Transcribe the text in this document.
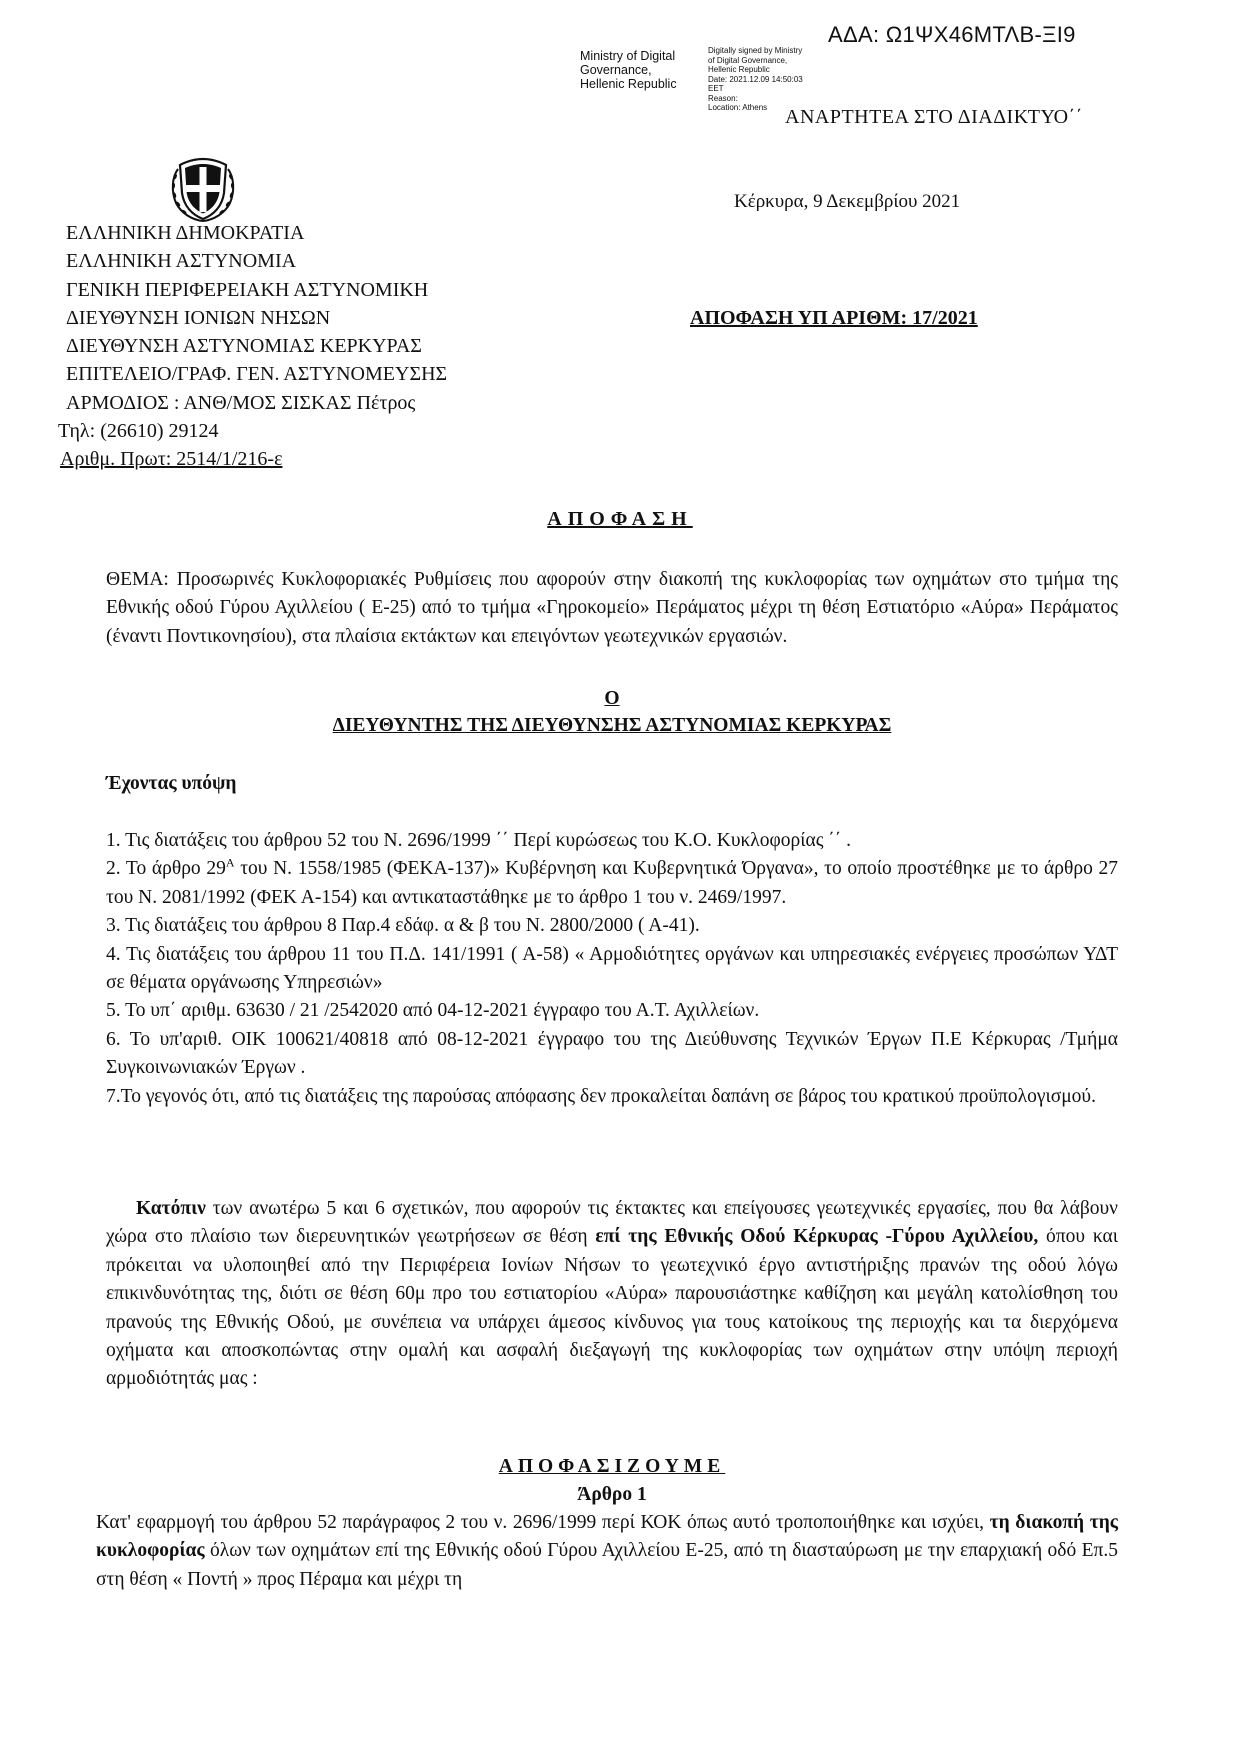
ΑΔΑ: Ω1ΨΧ46ΜΤΛΒ-ΞΙ9
Ministry of Digital
Governance,
Hellenic Republic
Digitally signed by Ministry
of Digital Governance,
Hellenic Republic
Date: 2021.12.09 14:50:03
EET
Reason:
Location: Athens ΑΝΑΡΤΗΤΕΑ ΣΤΟ ΔΙΑΔΙΚΤΥΟ΄΄
Κέρκυρα, 9 Δεκεμβρίου 2021
ΕΛΛΗΝΙΚΗ ΔΗΜΟΚΡΑΤΙΑ
ΕΛΛΗΝΙΚΗ ΑΣΤΥΝΟΜΙΑ
ΓΕΝΙΚΗ ΠΕΡΙΦΕΡΕΙΑΚΗ ΑΣΤΥΝΟΜΙΚΗ
ΔΙΕΥΘΥΝΣΗ ΙΟΝΙΩΝ ΝΗΣΩΝ
ΔΙΕΥΘΥΝΣΗ ΑΣΤΥΝΟΜΙΑΣ ΚΕΡΚΥΡΑΣ
ΕΠΙΤΕΛΕΙΟ/ΓΡΑΦ. ΓΕΝ. ΑΣΤΥΝΟΜΕΥΣΗΣ
ΑΡΜΟΔΙΟΣ : ΑΝΘ/ΜΟΣ ΣΙΣΚΑΣ Πέτρος
Τηλ: (26610) 29124
Αριθμ. Πρωτ: 2514/1/216-ε
ΑΠΟΦΑΣΗ ΥΠ ΑΡΙΘΜ: 17/2021
ΑΠΟΦΑΣΗ
ΘΕΜΑ: Προσωρινές Κυκλοφοριακές Ρυθμίσεις που αφορούν στην διακοπή της κυκλοφορίας των οχημάτων στο τμήμα της Εθνικής οδού Γύρου Αχιλλείου ( Ε-25) από το τμήμα «Γηροκομείο» Περάματος μέχρι τη θέση Εστιατόριο «Αύρα» Περάματος (έναντι Ποντικονησίου), στα πλαίσια εκτάκτων και επειγόντων γεωτεχνικών εργασιών.
Ο
ΔΙΕΥΘΥΝΤΗΣ ΤΗΣ ΔΙΕΥΘΥΝΣΗΣ ΑΣΤΥΝΟΜΙΑΣ ΚΕΡΚΥΡΑΣ
Έχοντας υπόψη

1. Τις διατάξεις του άρθρου 52 του Ν. 2696/1999 ΄΄ Περί κυρώσεως του Κ.Ο. Κυκλοφορίας ΄΄ .

2. Το άρθρο $29^A$ του Ν. 1558/1985 (ΦΕΚΑ-137)» Κυβέρνηση και Κυβερνητικά Όργανα», το οποίο προστέθηκε με το άρθρο 27 του Ν. 2081/1992 (ΦΕΚ Α-154) και αντικαταστάθηκε με το άρθρο 1 του ν. 2469/1997.

3. Τις διατάξεις του άρθρου 8 Παρ.4 εδάφ. α & β του Ν. 2800/2000 ( Α-41).

4. Τις διατάξεις του άρθρου 11 του Π.Δ. 141/1991 ( Α-58) « Αρμοδιότητες οργάνων και υπηρεσιακές ενέργειες προσώπων ΥΔΤ σε θέματα οργάνωσης Υπηρεσιών»

5. Το υπ΄ αριθμ. 63630 / 21 /2542020 από 04-12-2021 έγγραφο του Α.Τ. Αχιλλείων.

6. Το υπ'αριθ. ΟΙΚ 100621/40818 από 08-12-2021 έγγραφο του της Διεύθυνσης Τεχνικών Έργων Π.Ε Κέρκυρας /Τμήμα Συγκοινωνιακών Έργων .

7.Το γεγονός ότι, από τις διατάξεις της παρούσας απόφασης δεν προκαλείται δαπάνη σε βάρος του κρατικού προϋπολογισμού.

Κατόπιν των ανωτέρω 5 και 6 σχετικών, που αφορούν τις έκτακτες και επείγουσες γεωτεχνικές εργασίες, που θα λάβουν χώρα στο πλαίσιο των διερευνητικών γεωτρήσεων σε θέση επί της Εθνικής Οδού Κέρκυρας -Γύρου Αχιλλείου, όπου και πρόκειται να υλοποιηθεί από την Περιφέρεια Ιονίων Νήσων το γεωτεχνικό έργο αντιστήριξης πρανών της οδού λόγω επικινδυνότητας της, διότι σε θέση 60μ προ του εστιατορίου «Αύρα» παρουσιάστηκε καθίζηση και μεγάλη κατολίσθηση του πρανούς της Εθνικής Οδού, με συνέπεια να υπάρχει άμεσος κίνδυνος για τους κατοίκους της περιοχής και τα διερχόμενα οχήματα και αποσκοπώντας στην ομαλή και ασφαλή διεξαγωγή της κυκλοφορίας των οχημάτων στην υπόψη περιοχή αρμοδιότητάς μας :
ΑΠΟΦΑΣΙΖΟΥΜΕ
Άρθρο 1
Κατ' εφαρμογή του άρθρου 52 παράγραφος 2 του ν. 2696/1999 περί ΚΟΚ όπως αυτό τροποποιήθηκε και ισχύει, τη διακοπή της κυκλοφορίας όλων των οχημάτων επί της Εθνικής οδού Γύρου Αχιλλείου Ε-25, από τη διασταύρωση με την επαρχιακή οδό Επ.5 στη θέση « Ποντή » προς Πέραμα και μέχρι τη
